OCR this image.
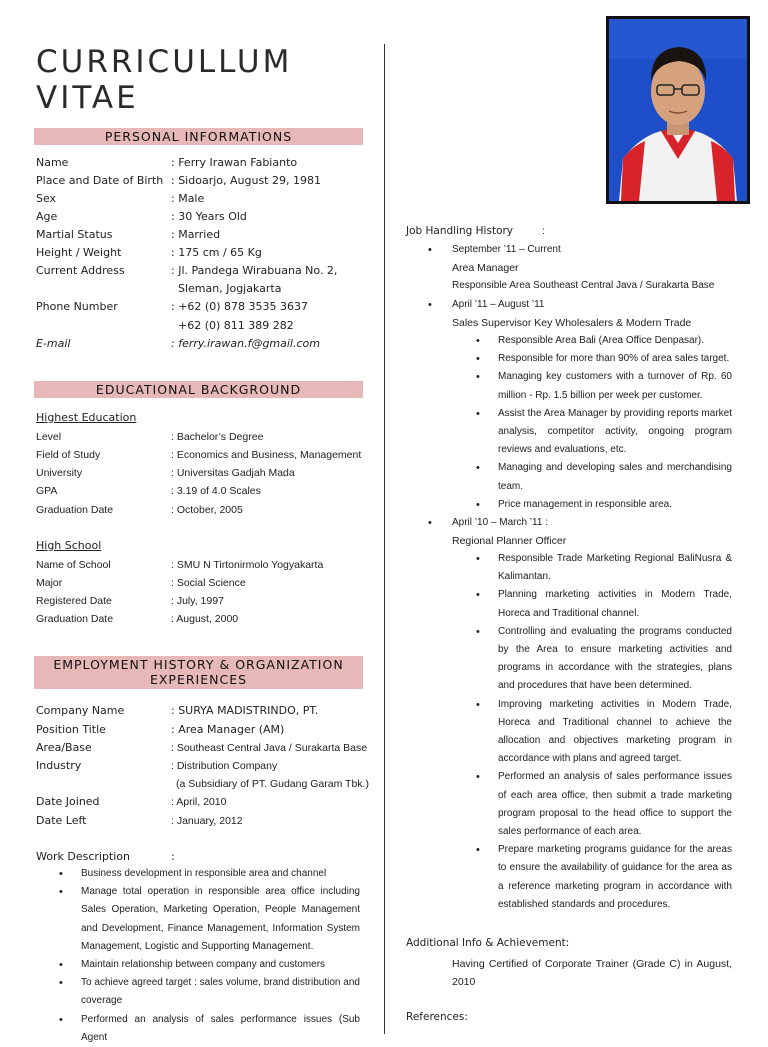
CURRICULLUM
VITAE
PERSONAL INFORMATIONS
Name	: Ferry Irawan Fabianto
Place and Date of Birth : Sidoarjo, August 29, 1981
Sex	: Male
Age	: 30 Years Old
Martial Status	: Married
Height / Weight	: 175 cm / 65 Kg
Current Address	: Jl. Pandega Wirabuana No. 2,
Sleman, Jogjakarta
Phone Number	: +62 (0) 878 3535 3637
+62 (0) 811 389 282
E-mail	: ferry.irawan.f@gmail.com
EDUCATIONAL BACKGROUND
Highest Education
Level	: Bachelor’s Degree
Field of Study	: Economics and Business, Management
University	: Universitas Gadjah Mada
GPA	: 3.19 of 4.0 Scales
Graduation Date	: October, 2005
High School
Name of School	: SMU N Tirtonirmolo Yogyakarta
Major	: Social Science
Registered Date	: July, 1997
Graduation Date	: August, 2000
EMPLOYMENT HISTORY & ORGANIZATION
EXPERIENCES
Company Name	: SURYA MADISTRINDO, PT.
Position Title	: Area Manager (AM)
Area/Base	: Southeast Central Java / Surakarta Base
Industry	: Distribution Company
(a Subsidiary of PT. Gudang Garam Tbk.)
Date Joined	: April, 2010
Date Left	: January, 2012
Work Description	:
• Business development in responsible area and channel
• Manage total operation in responsible area office including Sales Operation, Marketing Operation, People Management and Development, Finance Management, Information System Management, Logistic and Supporting Management.
• Maintain relationship between company and customers
• To achieve agreed target : sales volume, brand distribution and coverage
• Performed an analysis of sales performance issues (Sub Agent
Job Handling History	:
• September ’11 – Current
Area Manager
Responsible Area Southeast Central Java / Surakarta Base
• April ’11 – August ’11
Sales Supervisor Key Wholesalers & Modern Trade
• Responsible Area Bali (Area Office Denpasar).
• Responsible for more than 90% of area sales target.
• Managing key customers with a turnover of Rp. 60 million - Rp. 1.5 billion per week per customer.
• Assist the Area Manager by providing reports market analysis, competitor activity, ongoing program reviews and evaluations, etc.
• Managing and developing sales and merchandising team.
• Price management in responsible area.
• April ’10 – March ’11 :
Regional Planner Officer
• Responsible Trade Marketing Regional BaliNusra & Kalimantan.
• Planning marketing activities in Modern Trade, Horeca and Traditional channel.
• Controlling and evaluating the programs conducted by the Area to ensure marketing activities and programs in accordance with the strategies, plans and procedures that have been determined.
• Improving marketing activities in Modern Trade, Horeca and Traditional channel to achieve the allocation and objectives marketing program in accordance with plans and agreed target.
• Performed an analysis of sales performance issues of each area office, then submit a trade marketing program proposal to the head office to support the sales performance of each area.
• Prepare marketing programs guidance for the areas to ensure the availability of guidance for the area as a reference marketing program in accordance with established standards and procedures.
Additional Info & Achievement:
Having Certified of Corporate Trainer (Grade C) in August, 2010
References:
